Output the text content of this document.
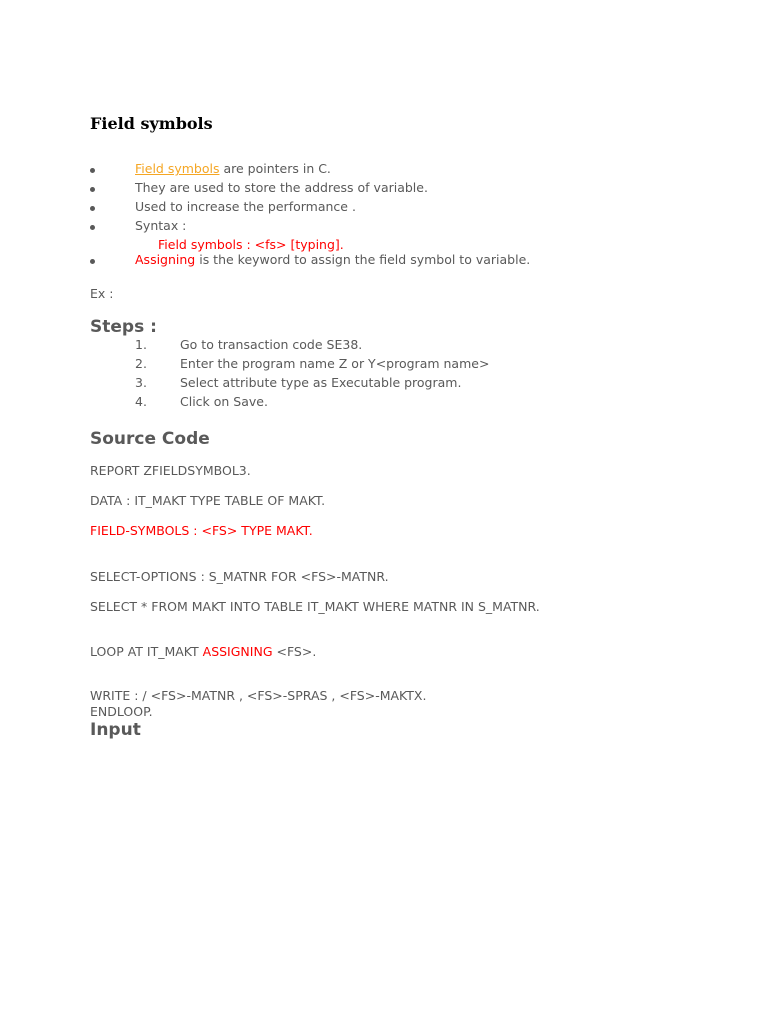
Field symbols
Field symbols are pointers in C.
They are used to store the address of variable.
Used to increase the performance .
Syntax :
Field symbols : <fs> [typing].
Assigning is the keyword to assign the field symbol to variable.
Ex :
Steps :
1.	Go to transaction code SE38.
2.	Enter the program name Z or Y<program name>
3.	Select attribute type as Executable program.
4.	Click on Save.
Source Code
REPORT ZFIELDSYMBOL3.
DATA : IT_MAKT TYPE TABLE OF MAKT.
FIELD-SYMBOLS : <FS> TYPE MAKT.
SELECT-OPTIONS : S_MATNR FOR <FS>-MATNR.
SELECT * FROM MAKT INTO TABLE IT_MAKT WHERE MATNR IN S_MATNR.
LOOP AT IT_MAKT ASSIGNING <FS>.
WRITE : / <FS>-MATNR , <FS>-SPRAS , <FS>-MAKTX.
ENDLOOP.
Input
